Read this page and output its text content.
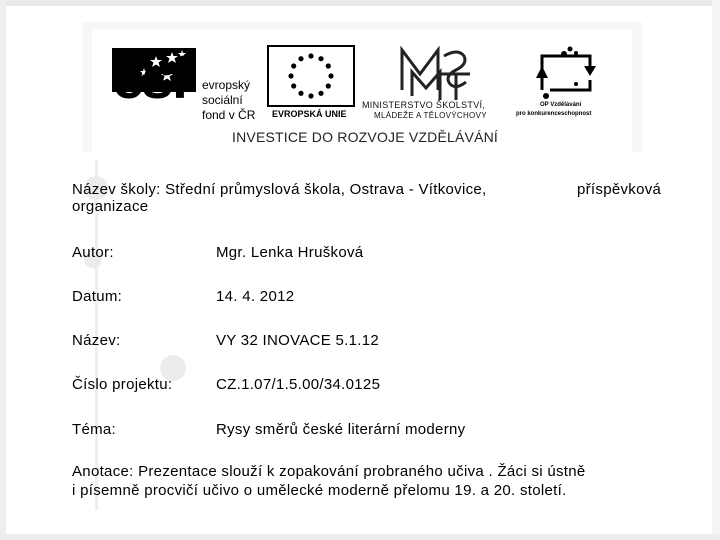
esf evropský
sociální
fond v ČR EVROPSKÁ UNIE
MINISTERSTVO ŠKOLSTVÍ,
MLÁDEŽE A TĚLOVÝCHOVY
OP Vzdělávání
pro konkurenceschopnost
INVESTICE DO ROZVOJE VZDĚLÁVÁNÍ
Název školy: Střední průmyslová škola, Ostrava - Vítkovice,	příspěvková
organizace
Autor:	Mgr. Lenka Hrušková
Datum:	14. 4. 2012
Název:	VY 32 INOVACE 5.1.12
Číslo projektu:	CZ.1.07/1.5.00/34.0125
Téma:	Rysy směrů české literární moderny
Anotace: Prezentace slouží k zopakování probraného učiva . Žáci si ústně
i písemně procvičí učivo o umělecké moderně přelomu 19. a 20. století.
